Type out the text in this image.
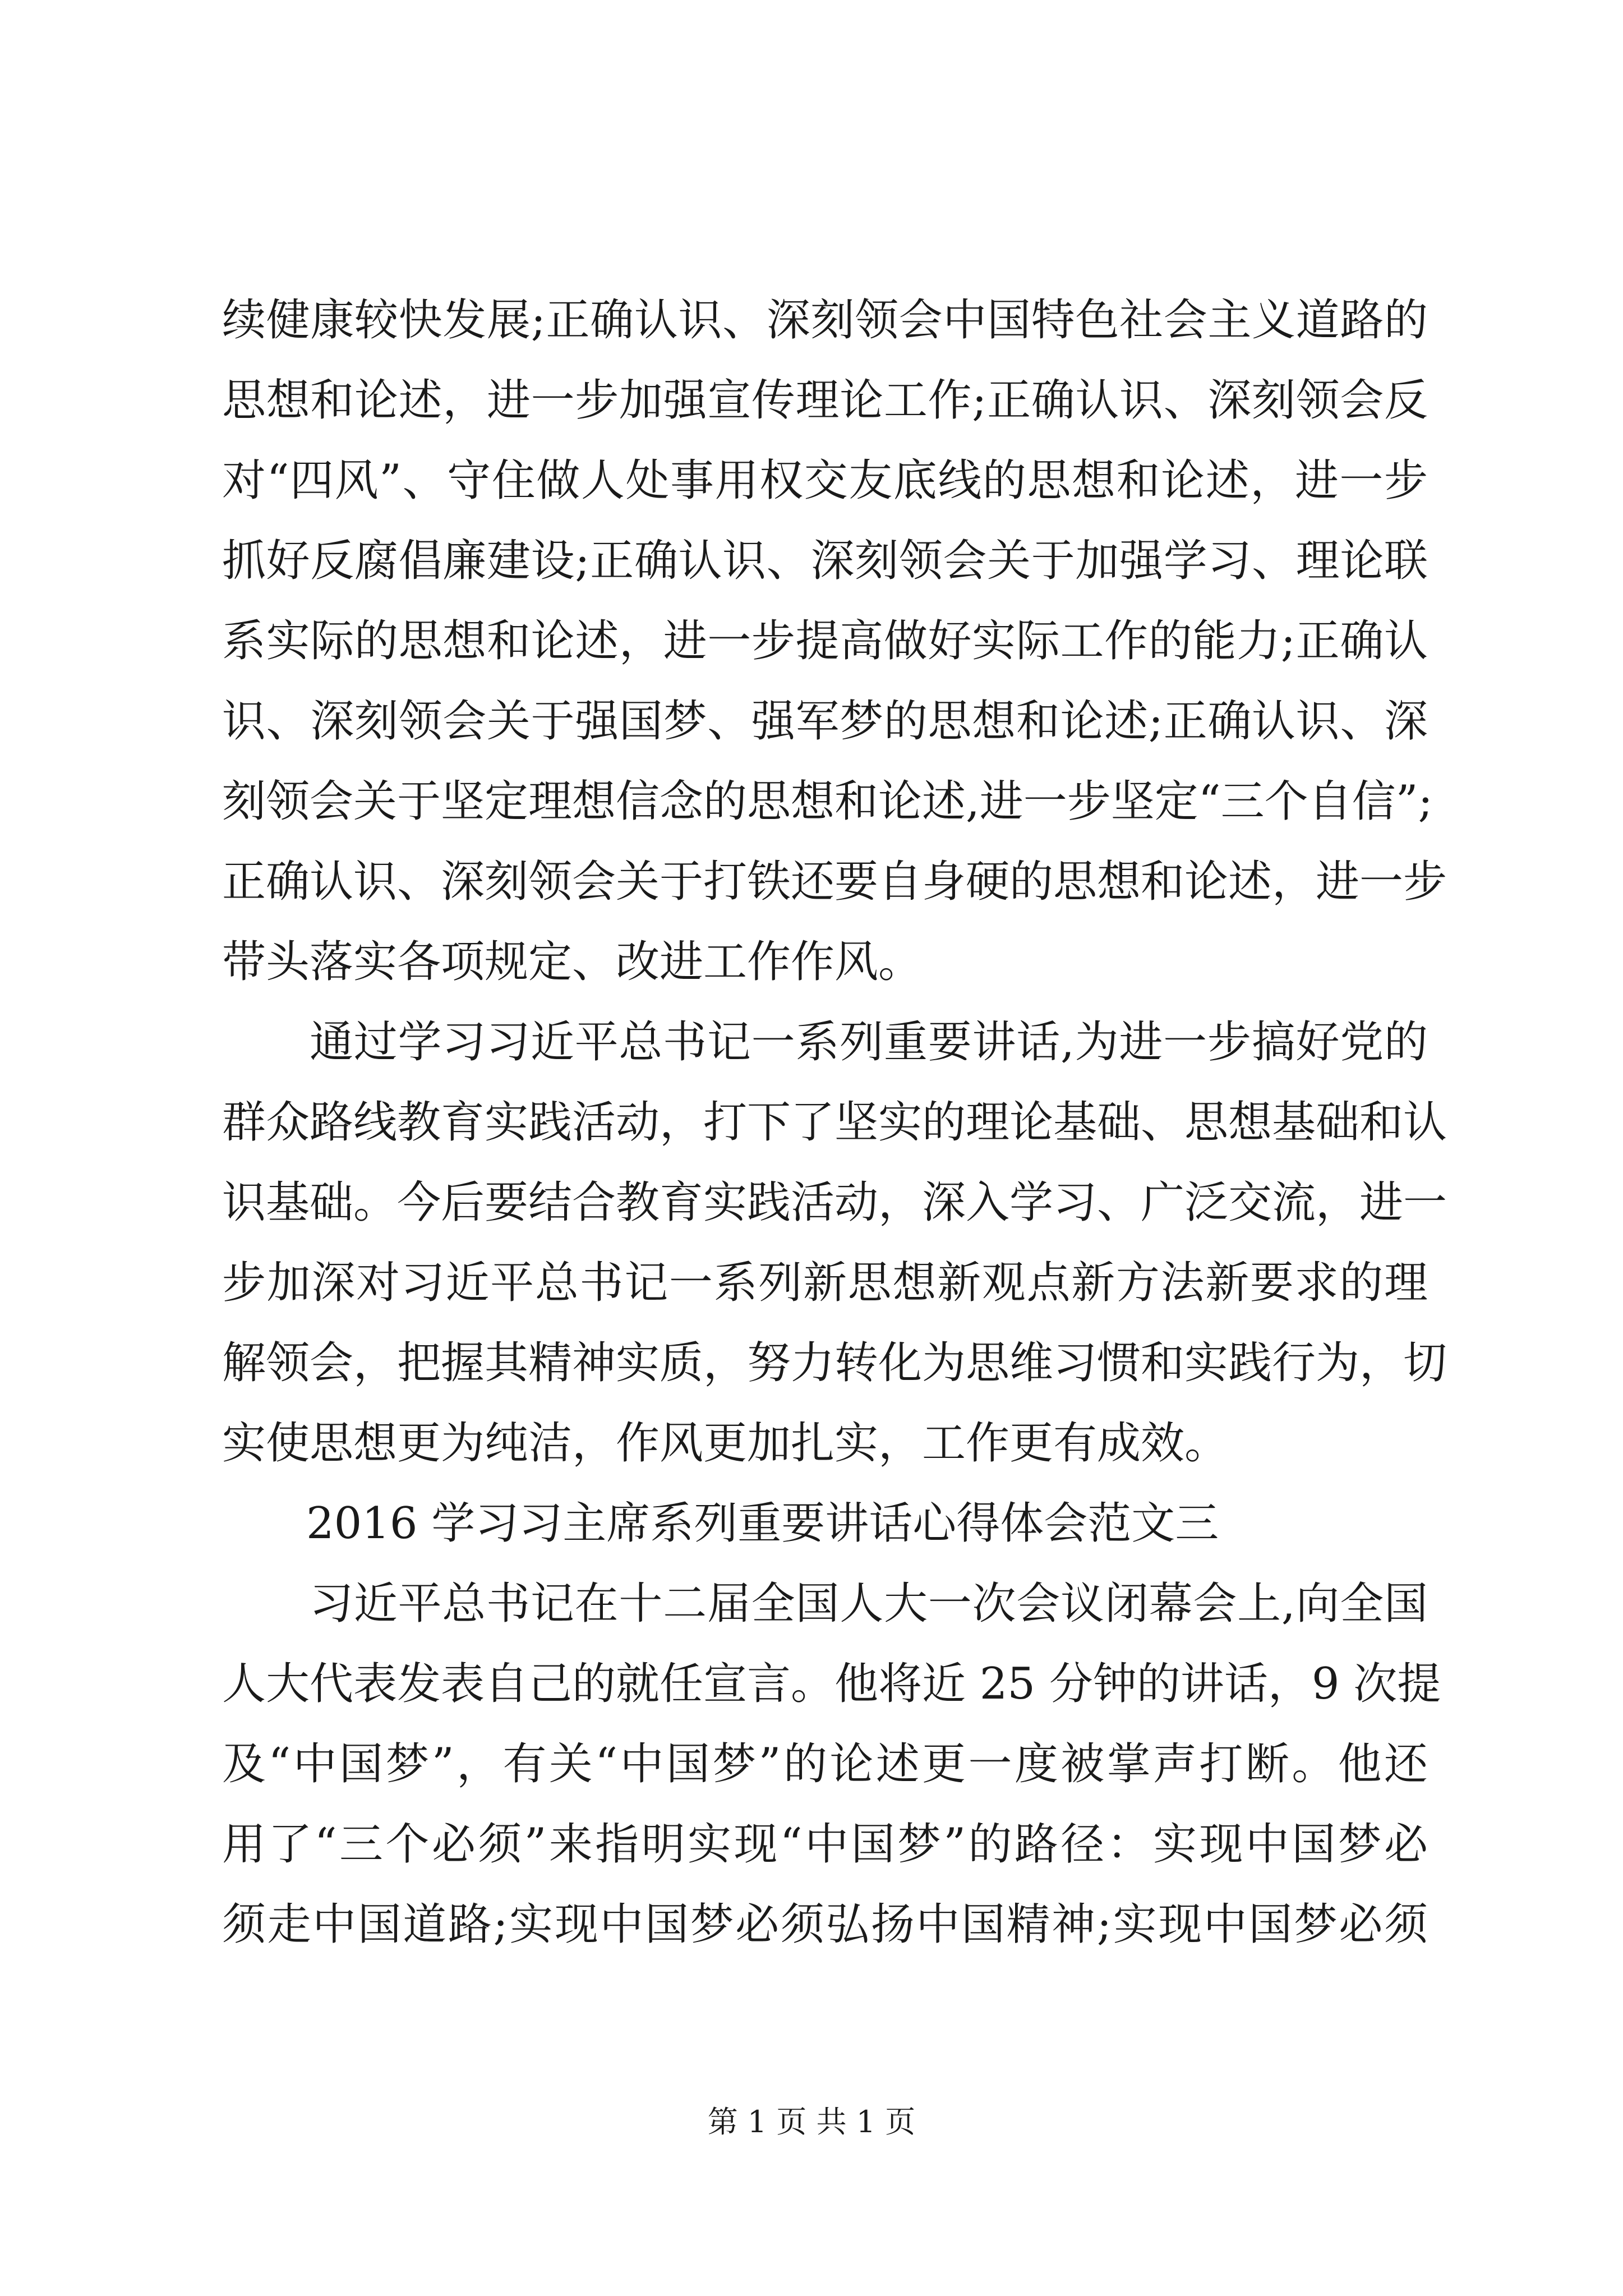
续健康较快发展;正确认识、深刻领会中国特色社会主义道路的
思想和论述，进一步加强宣传理论工作;正确认识、深刻领会反
对“四风”、守住做人处事用权交友底线的思想和论述，进一步
抓好反腐倡廉建设;正确认识、深刻领会关于加强学习、理论联
系实际的思想和论述，进一步提高做好实际工作的能力;正确认
识、深刻领会关于强国梦、强军梦的思想和论述;正确认识、深
刻领会关于坚定理想信念的思想和论述,进一步坚定“三个自信”;
正确认识、深刻领会关于打铁还要自身硬的思想和论述，进一步
带头落实各项规定、改进工作作风。
通过学习习近平总书记一系列重要讲话,为进一步搞好党的
群众路线教育实践活动，打下了坚实的理论基础、思想基础和认
识基础。今后要结合教育实践活动，深入学习、广泛交流，进一
步加深对习近平总书记一系列新思想新观点新方法新要求的理
解领会，把握其精神实质，努力转化为思维习惯和实践行为，切
实使思想更为纯洁，作风更加扎实，工作更有成效。
2016 学习习主席系列重要讲话心得体会范文三
习近平总书记在十二届全国人大一次会议闭幕会上,向全国
人大代表发表自己的就任宣言。他将近 25 分钟的讲话，9 次提
及“中国梦”，有关“中国梦”的论述更一度被掌声打断。他还
用了“三个必须”来指明实现“中国梦”的路径：实现中国梦必
须走中国道路;实现中国梦必须弘扬中国精神;实现中国梦必须
第 1 页 共 1 页
